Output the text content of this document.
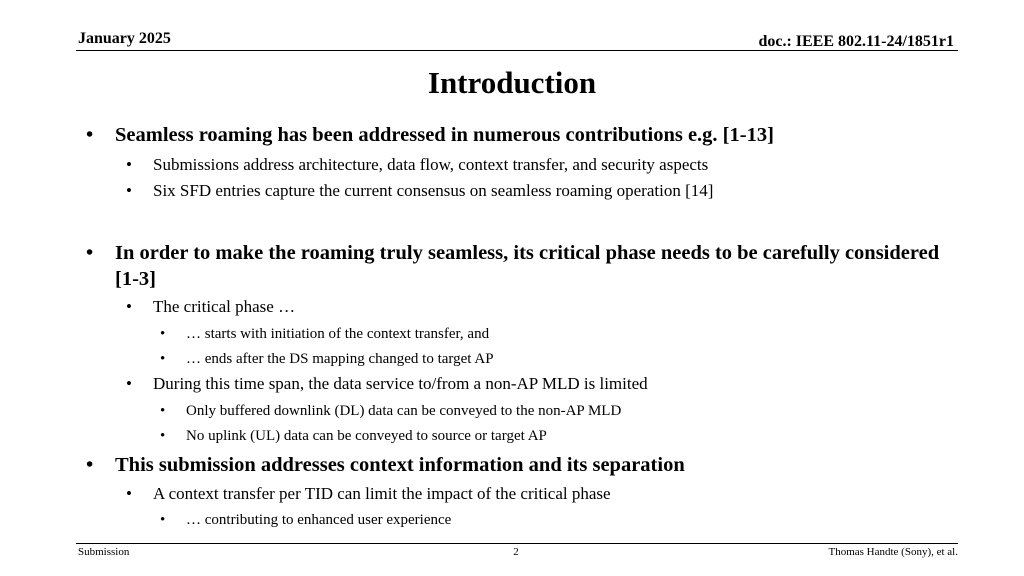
January 2025	doc.: IEEE 802.11-24/1851r1
Introduction
•	Seamless roaming has been addressed in numerous contributions e.g. [1-13]
•	Submissions address architecture, data flow, context transfer, and security aspects
•	Six SFD entries capture the current consensus on seamless roaming operation [14]
•	In order to make the roaming truly seamless, its critical phase needs to be carefully considered [1-3]
•	The critical phase …
•	… starts with initiation of the context transfer, and
•	… ends after the DS mapping changed to target AP
•	During this time span, the data service to/from a non-AP MLD is limited
•	Only buffered downlink (DL) data can be conveyed to the non-AP MLD
•	No uplink (UL) data can be conveyed to source or target AP
•	This submission addresses context information and its separation
•	A context transfer per TID can limit the impact of the critical phase
•	… contributing to enhanced user experience
Submission	2	Thomas Handte (Sony), et al.
